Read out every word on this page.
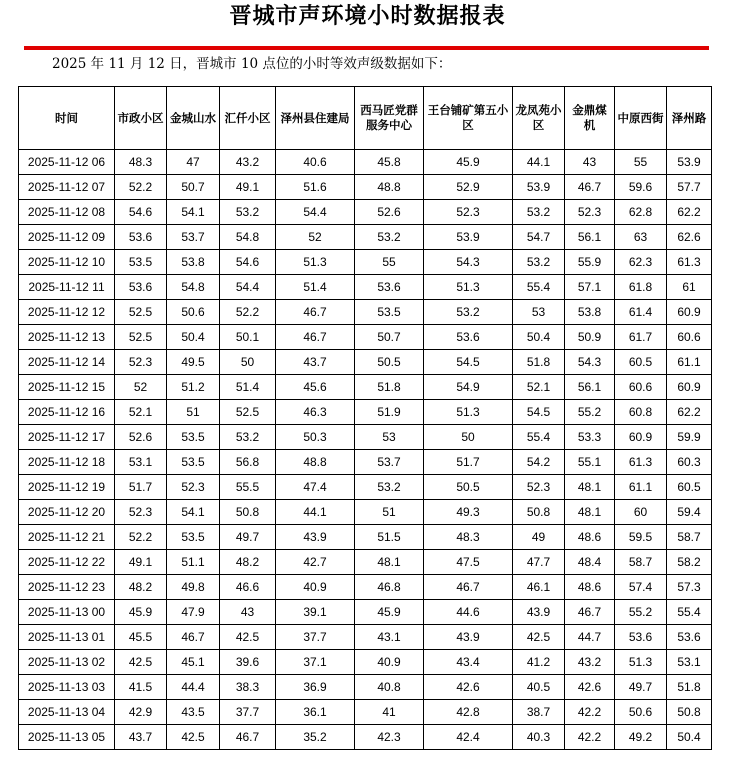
晋城市声环境小时数据报表
2025 年 11 月 12 日，晋城市 10 点位的小时等效声级数据如下：
时间	市政小区	金城山水	汇仟小区	泽州县住建局	西马匠党群服务中心	王台铺矿第五小区	龙凤苑小区	金鼎煤机	中原西街	泽州路
2025-11-12 06	48.3	47	43.2	40.6	45.8	45.9	44.1	43	55	53.9
2025-11-12 07	52.2	50.7	49.1	51.6	48.8	52.9	53.9	46.7	59.6	57.7
2025-11-12 08	54.6	54.1	53.2	54.4	52.6	52.3	53.2	52.3	62.8	62.2
2025-11-12 09	53.6	53.7	54.8	52	53.2	53.9	54.7	56.1	63	62.6
2025-11-12 10	53.5	53.8	54.6	51.3	55	54.3	53.2	55.9	62.3	61.3
2025-11-12 11	53.6	54.8	54.4	51.4	53.6	51.3	55.4	57.1	61.8	61
2025-11-12 12	52.5	50.6	52.2	46.7	53.5	53.2	53	53.8	61.4	60.9
2025-11-12 13	52.5	50.4	50.1	46.7	50.7	53.6	50.4	50.9	61.7	60.6
2025-11-12 14	52.3	49.5	50	43.7	50.5	54.5	51.8	54.3	60.5	61.1
2025-11-12 15	52	51.2	51.4	45.6	51.8	54.9	52.1	56.1	60.6	60.9
2025-11-12 16	52.1	51	52.5	46.3	51.9	51.3	54.5	55.2	60.8	62.2
2025-11-12 17	52.6	53.5	53.2	50.3	53	50	55.4	53.3	60.9	59.9
2025-11-12 18	53.1	53.5	56.8	48.8	53.7	51.7	54.2	55.1	61.3	60.3
2025-11-12 19	51.7	52.3	55.5	47.4	53.2	50.5	52.3	48.1	61.1	60.5
2025-11-12 20	52.3	54.1	50.8	44.1	51	49.3	50.8	48.1	60	59.4
2025-11-12 21	52.2	53.5	49.7	43.9	51.5	48.3	49	48.6	59.5	58.7
2025-11-12 22	49.1	51.1	48.2	42.7	48.1	47.5	47.7	48.4	58.7	58.2
2025-11-12 23	48.2	49.8	46.6	40.9	46.8	46.7	46.1	48.6	57.4	57.3
2025-11-13 00	45.9	47.9	43	39.1	45.9	44.6	43.9	46.7	55.2	55.4
2025-11-13 01	45.5	46.7	42.5	37.7	43.1	43.9	42.5	44.7	53.6	53.6
2025-11-13 02	42.5	45.1	39.6	37.1	40.9	43.4	41.2	43.2	51.3	53.1
2025-11-13 03	41.5	44.4	38.3	36.9	40.8	42.6	40.5	42.6	49.7	51.8
2025-11-13 04	42.9	43.5	37.7	36.1	41	42.8	38.7	42.2	50.6	50.8
2025-11-13 05	43.7	42.5	46.7	35.2	42.3	42.4	40.3	42.2	49.2	50.4
